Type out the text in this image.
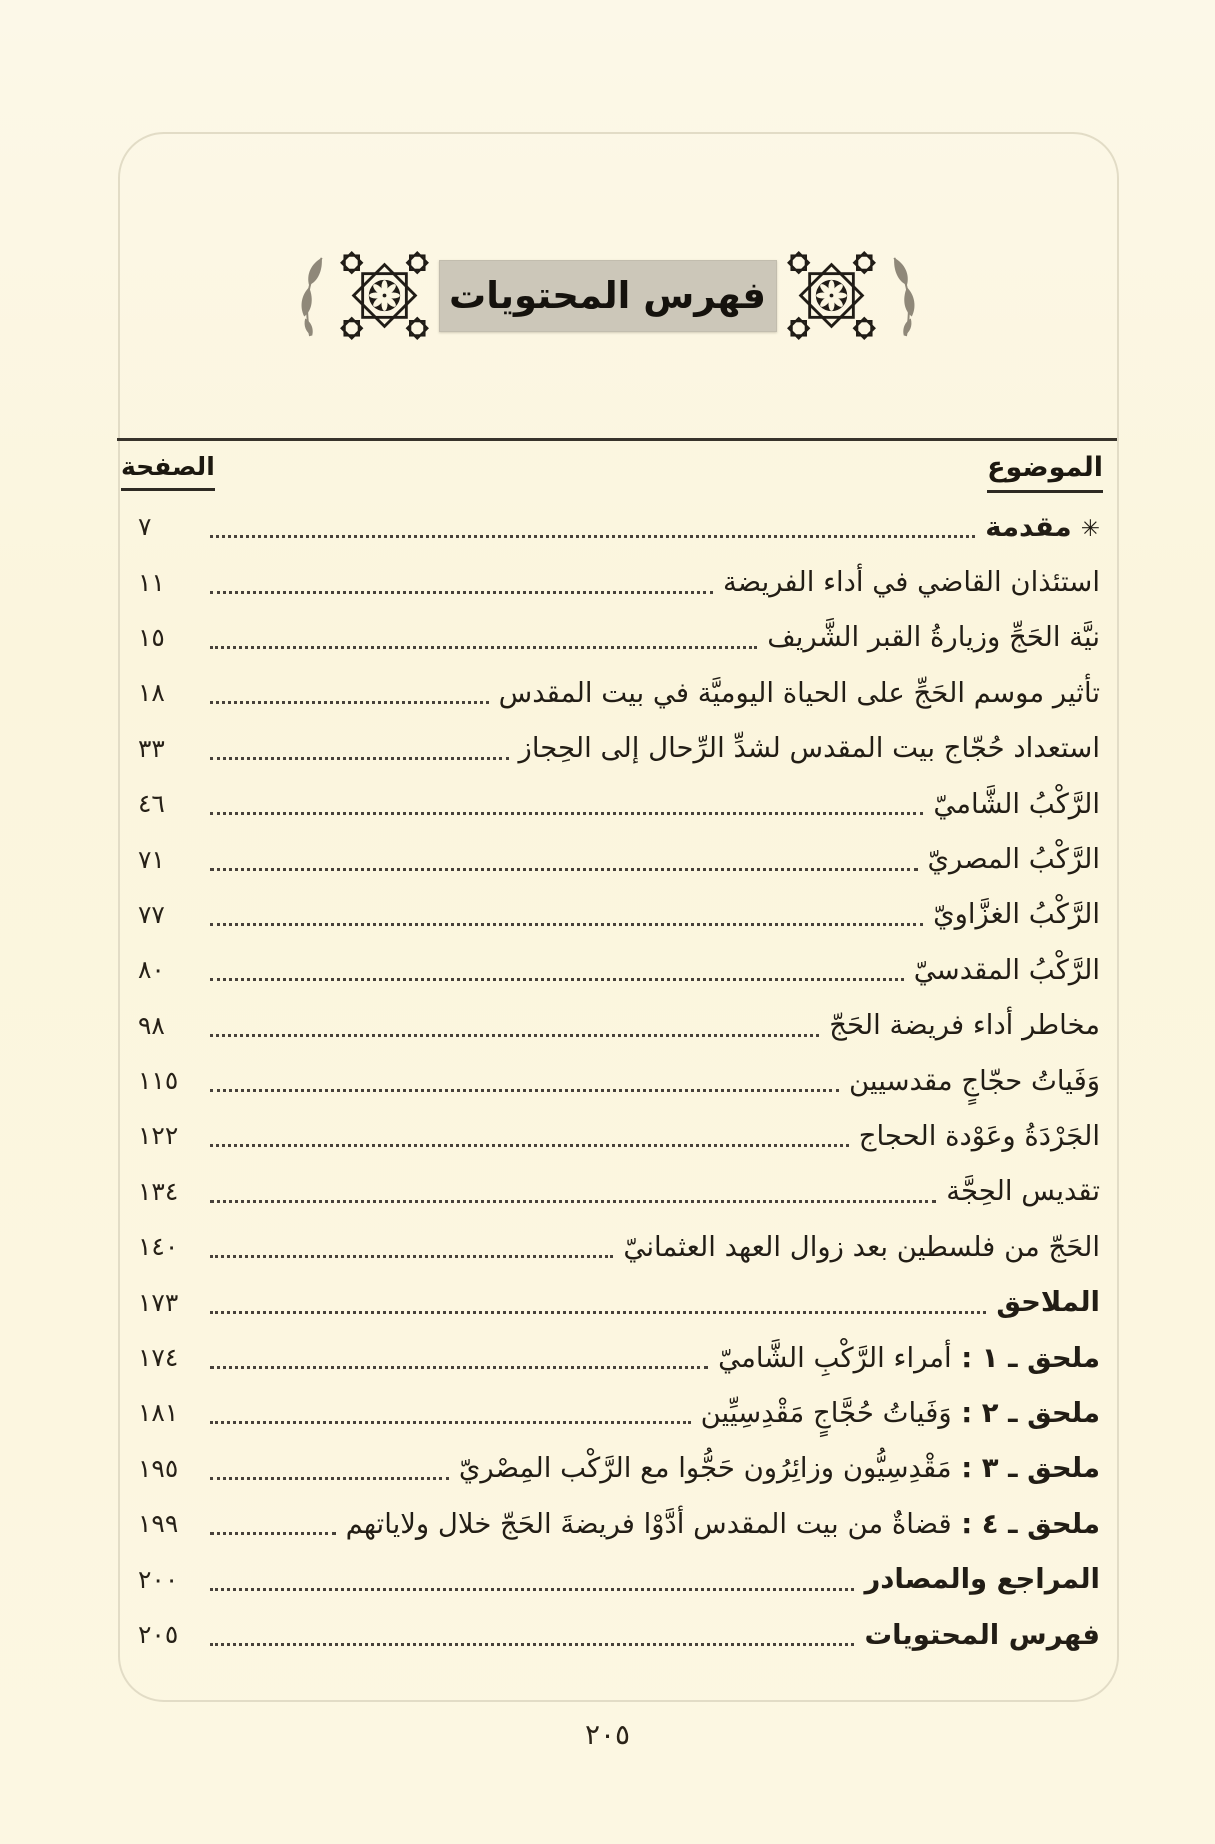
فهرس المحتويات
الموضوع
الصفحة
✳مقدمة
٧
استئذان القاضي في أداء الفريضة
١١
نيَّة الحَجِّ وزيارةُ القبر الشَّريف
١٥
تأثير موسم الحَجِّ على الحياة اليوميَّة في بيت المقدس
١٨
استعداد حُجّاج بيت المقدس لشدِّ الرِّحال إلى الحِجاز
٣٣
الرَّكْبُ الشَّاميّ
٤٦
الرَّكْبُ المصريّ
٧١
الرَّكْبُ الغزَّاويّ
٧٧
الرَّكْبُ المقدسيّ
٨٠
مخاطر أداء فريضة الحَجّ
٩٨
وَفَياتُ حجّاجٍ مقدسيين
١١٥
الجَرْدَةُ وعَوْدة الحجاج
١٢٢
تقديس الحِجَّة
١٣٤
الحَجّ من فلسطين بعد زوال العهد العثمانيّ
١٤٠
الملاحق
١٧٣
ملحق ـ ١ : أمراء الرَّكْبِ الشَّاميّ
١٧٤
ملحق ـ ٢ : وَفَياتُ حُجَّاجٍ مَقْدِسِيِّين
١٨١
ملحق ـ ٣ : مَقْدِسِيُّون وزائِرُون حَجُّوا مع الرَّكْب المِصْريّ
١٩٥
ملحق ـ ٤ : قضاةٌ من بيت المقدس أدَّوْا فريضةَ الحَجّ خلال ولاياتهم
١٩٩
المراجع والمصادر
٢٠٠
فهرس المحتويات
٢٠٥
٢٠٥
